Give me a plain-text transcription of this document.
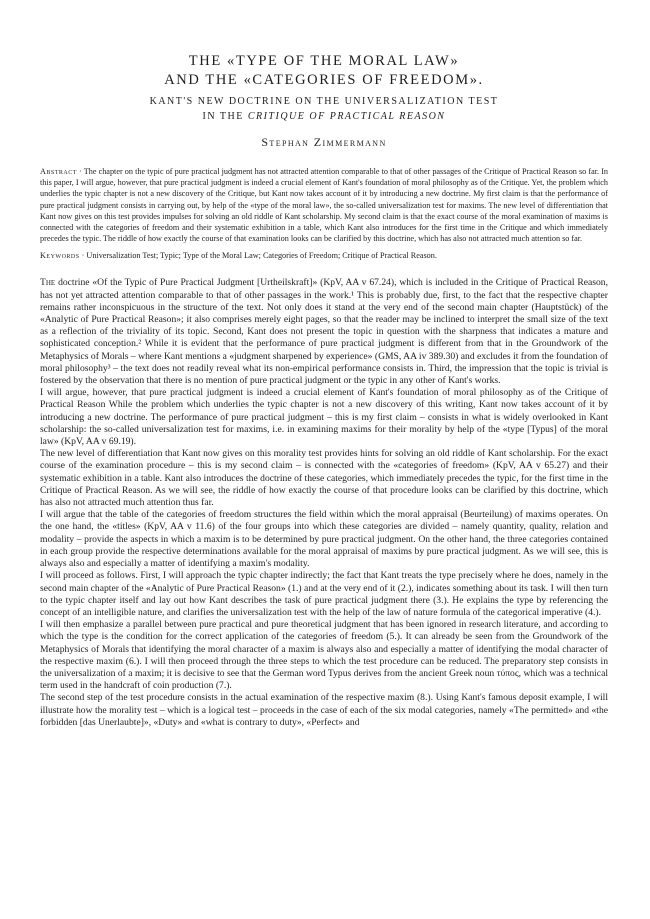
THE «TYPE OF THE MORAL LAW»
AND THE «CATEGORIES OF FREEDOM».
KANT'S NEW DOCTRINE ON THE UNIVERSALIZATION TEST
IN THE CRITIQUE OF PRACTICAL REASON
Stephan Zimmermann
Abstract · The chapter on the typic of pure practical judgment has not attracted attention comparable to that of other passages of the Critique of Practical Reason so far. In this paper, I will argue, however, that pure practical judgment is indeed a crucial element of Kant's foundation of moral philosophy as of the Critique. Yet, the problem which underlies the typic chapter is not a new discovery of the Critique, but Kant now takes account of it by introducing a new doctrine. My first claim is that the performance of pure practical judgment consists in carrying out, by help of the «type of the moral law», the so-called universalization test for maxims. The new level of differentiation that Kant now gives on this test provides impulses for solving an old riddle of Kant scholarship. My second claim is that the exact course of the moral examination of maxims is connected with the categories of freedom and their systematic exhibition in a table, which Kant also introduces for the first time in the Critique and which immediately precedes the typic. The riddle of how exactly the course of that examination looks can be clarified by this doctrine, which has also not attracted much attention so far.
Keywords · Universalization Test; Typic; Type of the Moral Law; Categories of Freedom; Critique of Practical Reason.

The doctrine «Of the Typic of Pure Practical Judgment [Urtheilskraft]» (KpV, AA v 67.24), which is included in the Critique of Practical Reason, has not yet attracted attention comparable to that of other passages in the work.¹ This is probably due, first, to the fact that the respective chapter remains rather inconspicuous in the structure of the text. Not only does it stand at the very end of the second main chapter (Hauptstück) of the «Analytic of Pure Practical Reason»; it also comprises merely eight pages, so that the reader may be inclined to interpret the small size of the text as a reflection of the triviality of its topic. Second, Kant does not present the topic in question with the sharpness that indicates a mature and sophisticated conception.² While it is evident that the performance of pure practical judgment is different from that in the Groundwork of the Metaphysics of Morals – where Kant mentions a «judgment sharpened by experience» (GMS, AA iv 389.30) and excludes it from the foundation of moral philosophy³ – the text does not readily reveal what its non-empirical performance consists in. Third, the impression that the topic is trivial is fostered by the observation that there is no mention of pure practical judgment or the typic in any other of Kant's works.

I will argue, however, that pure practical judgment is indeed a crucial element of Kant's foundation of moral philosophy as of the Critique of Practical Reason While the problem which underlies the typic chapter is not a new discovery of this writing, Kant now takes account of it by introducing a new doctrine. The performance of pure practical judgment – this is my first claim – consists in what is widely overlooked in Kant scholarship: the so-called universalization test for maxims, i.e. in examining maxims for their morality by help of the «type [Typus] of the moral law» (KpV, AA v 69.19).

The new level of differentiation that Kant now gives on this morality test provides hints for solving an old riddle of Kant scholarship. For the exact course of the examination procedure – this is my second claim – is connected with the «categories of freedom» (KpV, AA v 65.27) and their systematic exhibition in a table. Kant also introduces the doctrine of these categories, which immediately precedes the typic, for the first time in the Critique of Practical Reason. As we will see, the riddle of how exactly the course of that procedure looks can be clarified by this doctrine, which has also not attracted much attention thus far.

I will argue that the table of the categories of freedom structures the field within which the moral appraisal (Beurteilung) of maxims operates. On the one hand, the «titles» (KpV, AA v 11.6) of the four groups into which these categories are divided – namely quantity, quality, relation and modality – provide the aspects in which a maxim is to be determined by pure practical judgment. On the other hand, the three categories contained in each group provide the respective determinations available for the moral appraisal of maxims by pure practical judgment. As we will see, this is always also and especially a matter of identifying a maxim's modality.

I will proceed as follows. First, I will approach the typic chapter indirectly; the fact that Kant treats the type precisely where he does, namely in the second main chapter of the «Analytic of Pure Practical Reason» (1.) and at the very end of it (2.), indicates something about its task. I will then turn to the typic chapter itself and lay out how Kant describes the task of pure practical judgment there (3.). He explains the type by referencing the concept of an intelligible nature, and clarifies the universalization test with the help of the law of nature formula of the categorical imperative (4.).

I will then emphasize a parallel between pure practical and pure theoretical judgment that has been ignored in research literature, and according to which the type is the condition for the correct application of the categories of freedom (5.). It can already be seen from the Groundwork of the Metaphysics of Morals that identifying the moral character of a maxim is always also and especially a matter of identifying the modal character of the respective maxim (6.). I will then proceed through the three steps to which the test procedure can be reduced. The preparatory step consists in the universalization of a maxim; it is decisive to see that the German word Typus derives from the ancient Greek noun τύπος, which was a technical term used in the handcraft of coin production (7.).

The second step of the test procedure consists in the actual examination of the respective maxim (8.). Using Kant's famous deposit example, I will illustrate how the morality test – which is a logical test – proceeds in the case of each of the six modal categories, namely «The permitted» and «the forbidden [das Unerlaubte]», «Duty» and «what is contrary to duty», «Perfect» and
